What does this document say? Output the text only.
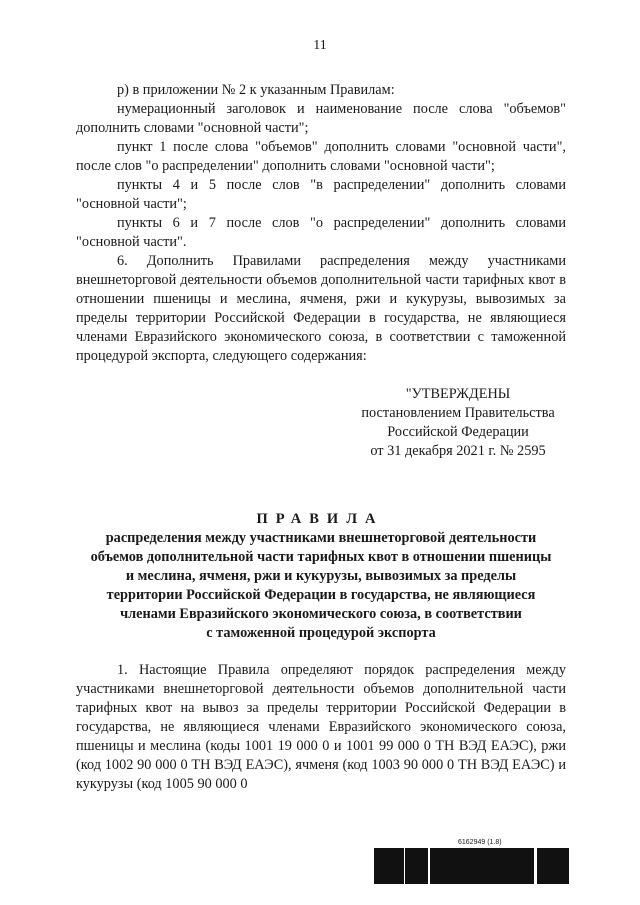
11

р) в приложении № 2 к указанным Правилам:

нумерационный заголовок и наименование после слова "объемов" дополнить словами "основной части";

пункт 1 после слова "объемов" дополнить словами "основной части", после слов "о распределении" дополнить словами "основной части";

пункты 4 и 5 после слов "в распределении" дополнить словами "основной части";

пункты 6 и 7 после слов "о распределении" дополнить словами "основной части".

6. Дополнить Правилами распределения между участниками внешнеторговой деятельности объемов дополнительной части тарифных квот в отношении пшеницы и меслина, ячменя, ржи и кукурузы, вывозимых за пределы территории Российской Федерации в государства, не являющиеся членами Евразийского экономического союза, в соответствии с таможенной процедурой экспорта, следующего содержания:

"УТВЕРЖДЕНЫ
постановлением Правительства
Российской Федерации
от 31 декабря 2021 г. № 2595
ПРАВИЛА
распределения между участниками внешнеторговой деятельности
объемов дополнительной части тарифных квот в отношении пшеницы
и меслина, ячменя, ржи и кукурузы, вывозимых за пределы
территории Российской Федерации в государства, не являющиеся
членами Евразийского экономического союза, в соответствии
с таможенной процедурой экспорта

1. Настоящие Правила определяют порядок распределения между участниками внешнеторговой деятельности объемов дополнительной части тарифных квот на вывоз за пределы территории Российской Федерации в государства, не являющиеся членами Евразийского экономического союза, пшеницы и меслина (коды 1001 19 000 0 и 1001 99 000 0 ТН ВЭД ЕАЭС), ржи (код 1002 90 000 0 ТН ВЭД ЕАЭС), ячменя (код 1003 90 000 0 ТН ВЭД ЕАЭС) и кукурузы (код 1005 90 000 0

6162949 (1.8)
